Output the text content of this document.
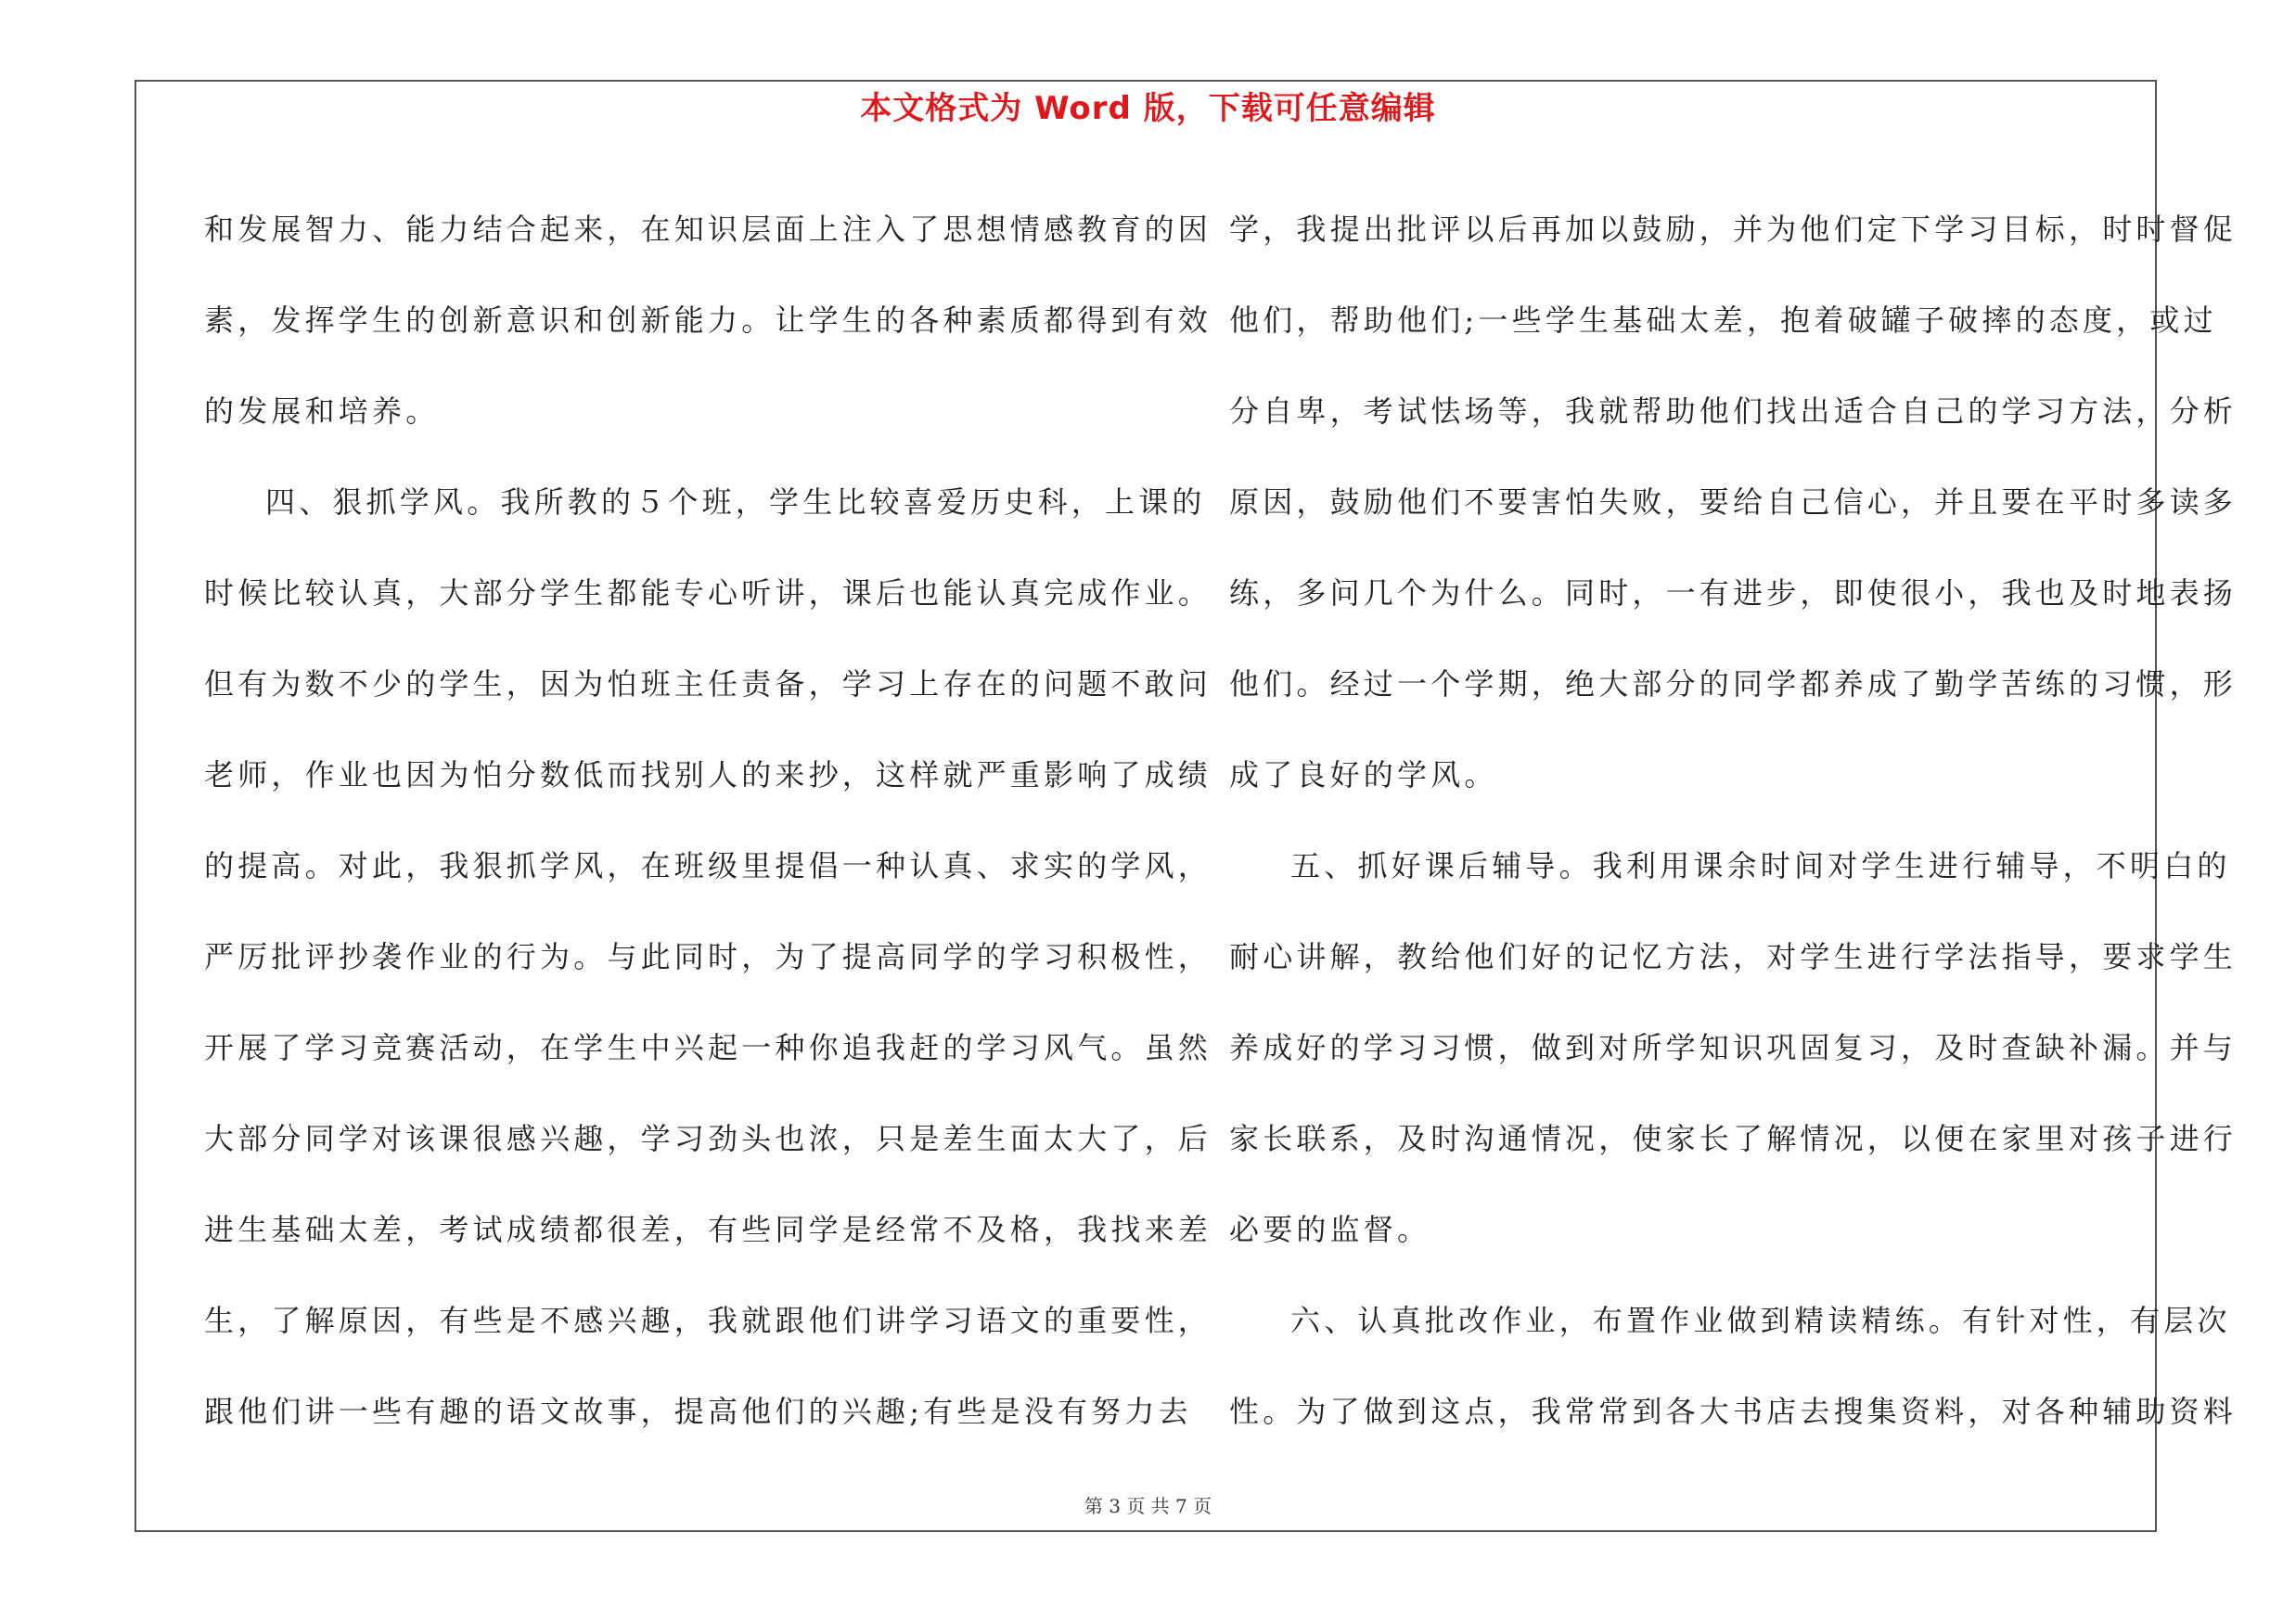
本文格式为 Word 版，下载可任意编辑

和发展智力、能力结合起来，在知识层面上注入了思想情感教育的因

素，发挥学生的创新意识和创新能力。让学生的各种素质都得到有效

的发展和培养。

四、狠抓学风。我所教的５个班，学生比较喜爱历史科，上课的

时候比较认真，大部分学生都能专心听讲，课后也能认真完成作业。

但有为数不少的学生，因为怕班主任责备，学习上存在的问题不敢问

老师，作业也因为怕分数低而找别人的来抄，这样就严重影响了成绩

的提高。对此，我狠抓学风，在班级里提倡一种认真、求实的学风，

严厉批评抄袭作业的行为。与此同时，为了提高同学的学习积极性，

开展了学习竞赛活动，在学生中兴起一种你追我赶的学习风气。虽然

大部分同学对该课很感兴趣，学习劲头也浓，只是差生面太大了，后

进生基础太差，考试成绩都很差，有些同学是经常不及格，我找来差

生，了解原因，有些是不感兴趣，我就跟他们讲学习语文的重要性，

跟他们讲一些有趣的语文故事，提高他们的兴趣;有些是没有努力去

学，我提出批评以后再加以鼓励，并为他们定下学习目标，时时督促

他们，帮助他们;一些学生基础太差，抱着破罐子破摔的态度，或过

分自卑，考试怯场等，我就帮助他们找出适合自己的学习方法，分析

原因，鼓励他们不要害怕失败，要给自己信心，并且要在平时多读多

练，多问几个为什么。同时，一有进步，即使很小，我也及时地表扬

他们。经过一个学期，绝大部分的同学都养成了勤学苦练的习惯，形

成了良好的学风。

五、抓好课后辅导。我利用课余时间对学生进行辅导，不明白的

耐心讲解，教给他们好的记忆方法，对学生进行学法指导，要求学生

养成好的学习习惯，做到对所学知识巩固复习，及时查缺补漏。并与

家长联系，及时沟通情况，使家长了解情况，以便在家里对孩子进行

必要的监督。

六、认真批改作业，布置作业做到精读精练。有针对性，有层次

性。为了做到这点，我常常到各大书店去搜集资料，对各种辅助资料

第 3 页 共 7 页
